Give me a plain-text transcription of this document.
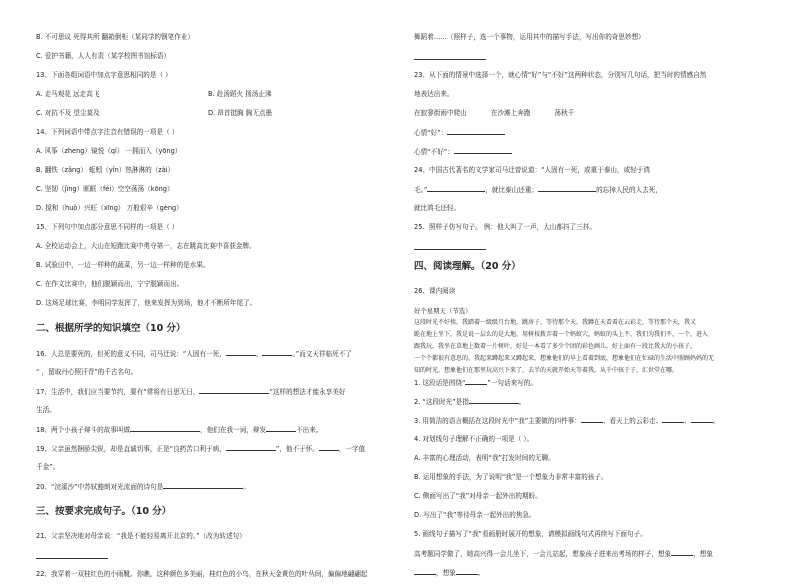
B. 不可思议 死得其所 翻箱倒柜（某同学的钢笔作业）
C. 爱护书籍，人人有责（某学校图书馆标语）
13、下面各组词语中加点字意思相同的是（ ）
A. 走马观花 远走高飞	B. 赴汤蹈火 扬汤止沸
C. 对抗不及 望尘莫及	D. 昂首挺胸 胸无点墨
14、下列词语中带点字注音有错误的一项是（ ）
A. 风筝（zhenɡ）镜悦（qí） 一拥而入（yōnɡ）
B. 翻铁（zǎnɡ） 蚯蚓（yǐn）热淋淋的（zài）
C. 坚韧（jìng）眶眶（féi）空空荡荡（kōng）
D. 搅和（huò）兴旺（xīnɡ） 万般艰辛（ɡènɡ）
15、下列句中加点部分意思不同样的一项是（ ）
A. 全校运动会上，大山在短跑比赛中勇夺第一，志在跳高比赛中喜获金牌。
B. 试验田中，一边一样种的蔬菜，另一边一样种的是水果。
C. 在作文比赛中，他们脱颖而出，宁宁脱颖而出。
D. 这场足球比赛，李明同学发挥了，他来发挥为到场，他才不断所年尾了。
二、根据所学的知识填空（10 分）
16、人总是要死的，但死的意义不同，司马迁说：“人固有一死，	，	。”而文天祥临死不了
“ ，留取丹心照汗青”的千古名句。
17、生活中，我们应当要节约，要有“常将有日思无日，	”这样的想法才能永享美好
生活。
18、两个小孩子辩斗的故事叫做	，他们在我一词，辩发	不出来。
19、父亲虽然捆骄尖锐，却是直诚切事，正是“良药苦口利于病，	”，他不于怀。	，一字值
千金”。
20、“浣溪沙”中苏轼豁朗对光流面的诗句是	。
三、按要求完成句子。（10 分）
21、父亲坚决地对母亲说：“我是不能轻易离开北京的。”（改为转述句）
22、我穿着一双桂红色的小雨靴。你瞧，这种颜色多美丽，桂红色的小鸟，在秋天金黄色的叶丛间，偏偏地翩翩起
舞蹈着……（照样子，选一个事物，运用其中的描写手法，写出你的奇思妙想）
23、从下面的情景中选择一个，就心情“好”与“不好”这两种状态，分别写几句话，把当时的情感自然
地表达出来。
在寂寥街雨中爬山	在沙滩上奔跑	荡秋千
心情“好”：
心情“不好”：
24、中国古代著名的文学家司马迁曾说道：“人固有一死，或重于泰山，或轻于鸿
毛。”	，就比泰山还重；	的忘掉人民的人去死，
就比鸿毛还轻。
25、照样子仿写句子。 例：他大叫了一声，大山都抖了三抖。
四、阅读理解。（20 分）
26、课内阅读
好个星期天（节选）
这段时光不好挨。我踏着一级级月台地，跳房子，等待那个天。我蹲在天看着在云彩走，等待那个天，我又
跪在地上坐下，我是说一层么的是大地，用树枝拨弄着一个蚂蚁穴，蚂蚁的头上不，我们为我们不，一个，进入
跟我玩，我坐在草地上数着一片树叶，好是一本看了多少个团的彩色画儿。好上面有一段比我大的小孩子，
一个个都很有意思的，我起来蹲起来又蹲起来，想象他们的早上看着到底，想象他们在忙碌的生活中照顾妈妈的无
知的时光，想象他们在那里玩高兴下来了，去半的天就开始天等着我，从千中孩于子，汇世堂在哪。
1. 这段话是围绕“	”一句话来写的。
2. “这段时光”是指	。
3. 用简洁的语言概括在这段时光中“我”主要做的四件事：	、看天上的云彩走、	、	。
4. 对划线句子理解不正确的一项是（ ）。
A. 丰富的心理活动，表明“我”打发时间的无聊。
B. 运用想象的手法，为了说明“我”是一个想象力非常丰富的孩子。
C. 侧面写出了“我”对母亲一起外出的期盼。
D. 写出了“我”等待母亲一起外出的焦急。
5. 画线句子描写了“我”看画册时展开的想象，请模拟画线句式再续写下面句子。
高考题同学做了，她高兴得一会儿坐下，一会儿站起，想象孩子进来出考场的样子，想象	，想象
，想象	。
